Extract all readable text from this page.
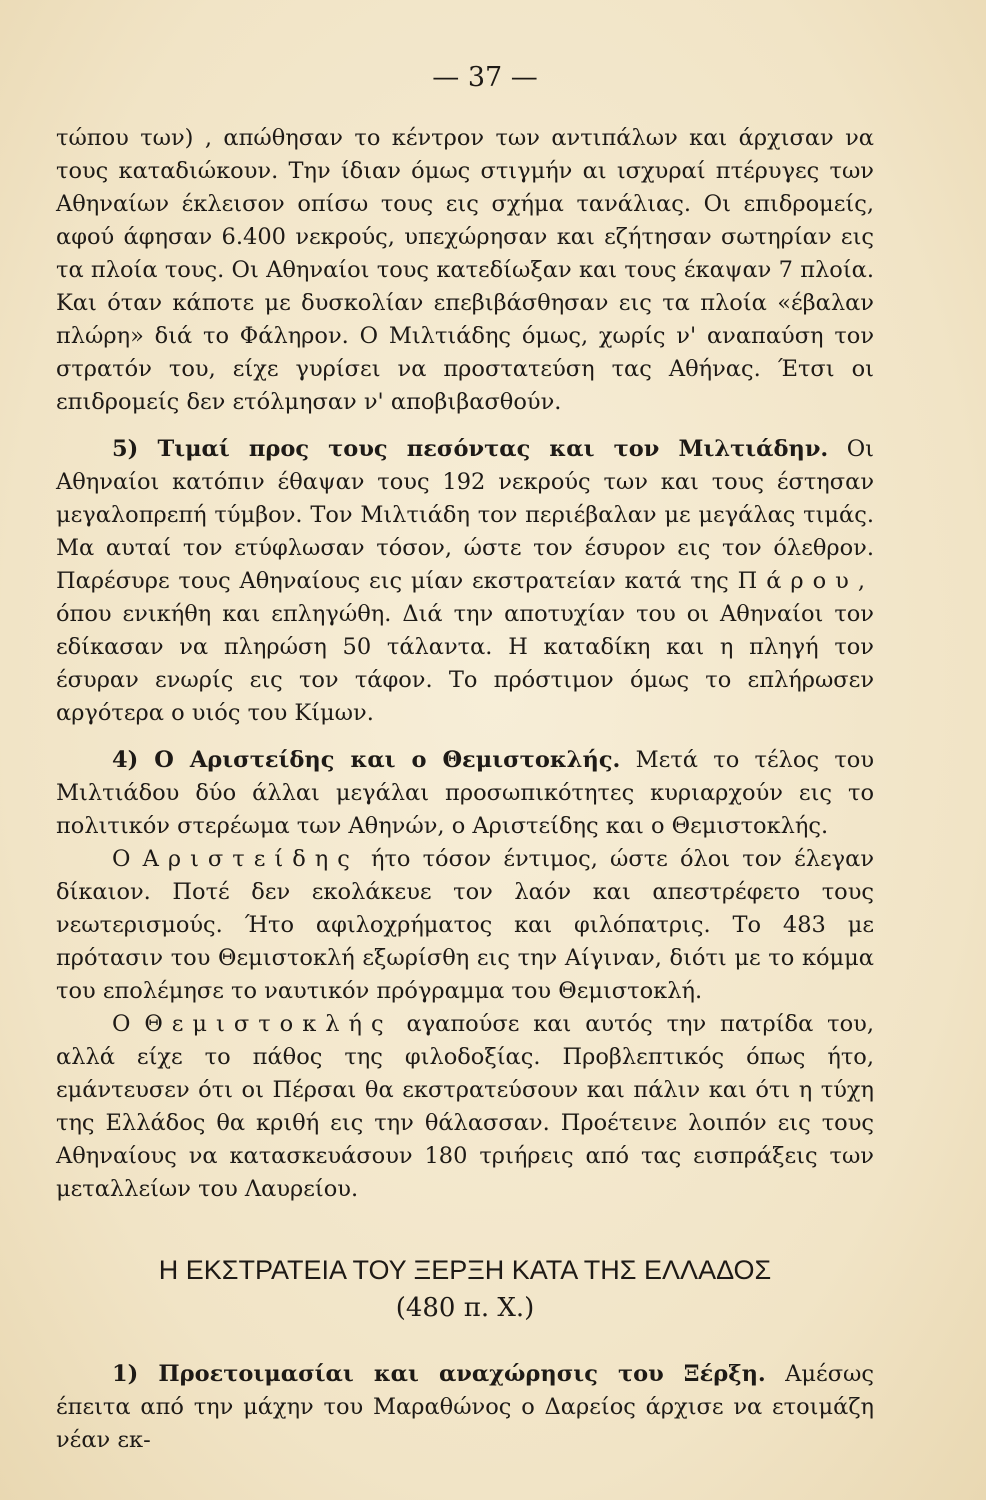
— 37 —

τώπου των) , απώθησαν το κέντρον των αντιπάλων και άρχισαν να τους καταδιώκουν. Την ίδιαν όμως στιγμήν αι ισχυραί πτέρυγες των Αθηναίων έκλεισον οπίσω τους εις σχήμα τανάλιας. Οι επιδρομείς, αφού άφησαν 6.400 νεκρούς, υπεχώρησαν και εζήτησαν σωτηρίαν εις τα πλοία τους. Οι Αθηναίοι τους κατεδίωξαν και τους έκαψαν 7 πλοία. Και όταν κάποτε με δυσκολίαν επεβιβάσθησαν εις τα πλοία «έβαλαν πλώρη» διά το Φάληρον. Ο Μιλτιάδης όμως, χωρίς ν' αναπαύση τον στρατόν του, είχε γυρίσει να προστατεύση τας Αθήνας. Έτσι οι επιδρομείς δεν ετόλμησαν ν' αποβιβασθούν.

5) Τιμαί προς τους πεσόντας και τον Μιλτιάδην. Οι Αθηναίοι κατόπιν έθαψαν τους 192 νεκρούς των και τους έστησαν μεγαλοπρεπή τύμβον. Τον Μιλτιάδη τον περιέβαλαν με μεγάλας τιμάς. Μα αυταί τον ετύφλωσαν τόσον, ώστε τον έσυρον εις τον όλεθρον. Παρέσυρε τους Αθηναίους εις μίαν εκστρατείαν κατά της Πάρου, όπου ενικήθη και επληγώθη. Διά την αποτυχίαν του οι Αθηναίοι τον εδίκασαν να πληρώση 50 τάλαντα. Η καταδίκη και η πληγή τον έσυραν ενωρίς εις τον τάφον. Το πρόστιμον όμως το επλήρωσεν αργότερα ο υιός του Κίμων.

4) Ο Αριστείδης και ο Θεμιστοκλής. Μετά το τέλος του Μιλτιάδου δύο άλλαι μεγάλαι προσωπικότητες κυριαρχούν εις το πολιτικόν στερέωμα των Αθηνών, ο Αριστείδης και ο Θεμιστοκλής.

Ο Αριστείδης ήτο τόσον έντιμος, ώστε όλοι τον έλεγαν δίκαιον. Ποτέ δεν εκολάκευε τον λαόν και απεστρέφετο τους νεωτερισμούς. Ήτο αφιλοχρήματος και φιλόπατρις. Το 483 με πρότασιν του Θεμιστοκλή εξωρίσθη εις την Αίγιναν, διότι με το κόμμα του επολέμησε το ναυτικόν πρόγραμμα του Θεμιστοκλή.

Ο Θεμιστοκλής αγαπούσε και αυτός την πατρίδα του, αλλά είχε το πάθος της φιλοδοξίας. Προβλεπτικός όπως ήτο, εμάντευσεν ότι οι Πέρσαι θα εκστρατεύσουν και πάλιν και ότι η τύχη της Ελλάδος θα κριθή εις την θάλασσαν. Προέτεινε λοιπόν εις τους Αθηναίους να κατασκευάσουν 180 τριήρεις από τας εισπράξεις των μεταλλείων του Λαυρείου.

Η ΕΚΣΤΡΑΤΕΙΑ ΤΟΥ ΞΕΡΞΗ ΚΑΤΑ ΤΗΣ ΕΛΛΑΔΟΣ
(480 π. Χ.)

1) Προετοιμασίαι και αναχώρησις του Ξέρξη. Αμέσως έπειτα από την μάχην του Μαραθώνος ο Δαρείος άρχισε να ετοιμάζη νέαν εκ-
